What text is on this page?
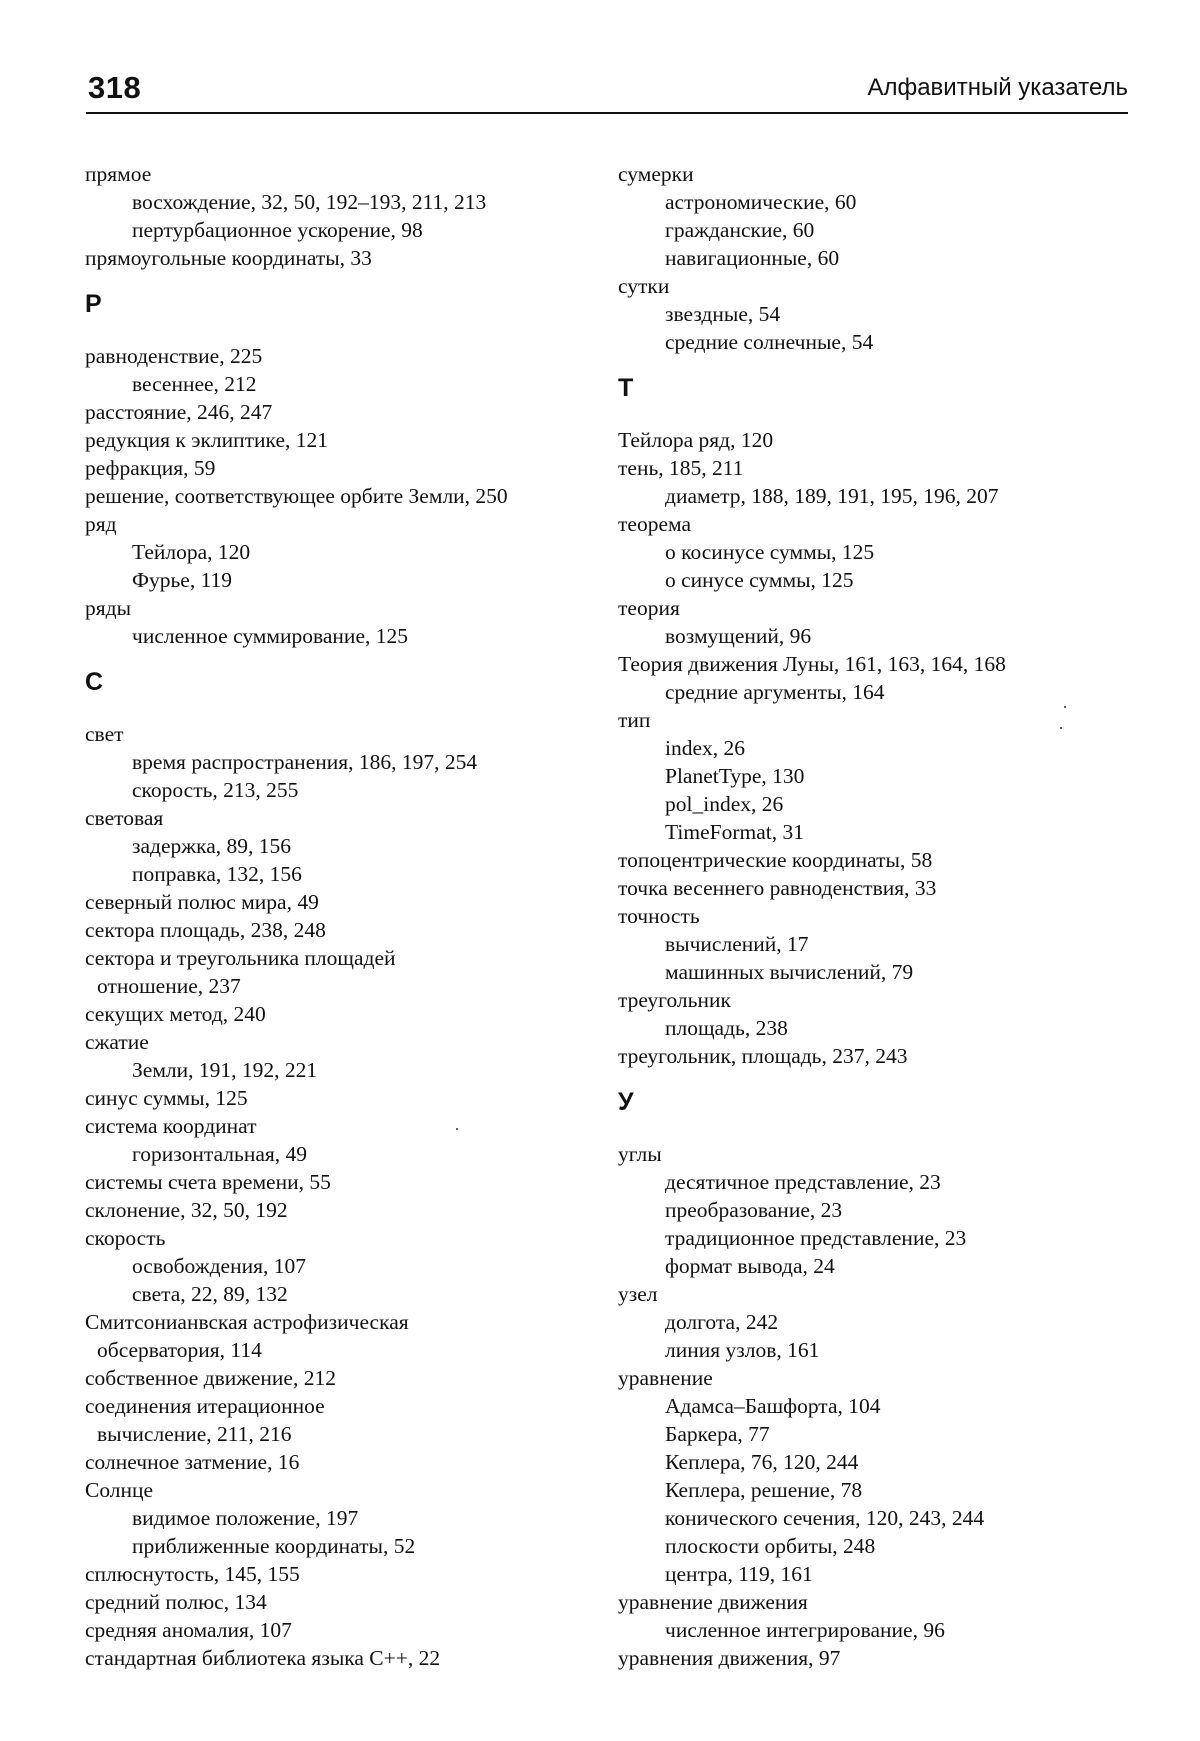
318	Алфавитный указатель
прямое
восхождение, 32, 50, 192–193, 211, 213
пертурбационное ускорение, 98
прямоугольные координаты, 33
Р
равноденствие, 225
весеннее, 212
расстояние, 246, 247
редукция к эклиптике, 121
рефракция, 59
решение, соответствующее орбите Земли, 250
ряд
Тейлора, 120
Фурье, 119
ряды
численное суммирование, 125
С
свет
время распространения, 186, 197, 254
скорость, 213, 255
световая
задержка, 89, 156
поправка, 132, 156
северный полюс мира, 49
сектора площадь, 238, 248
сектора и треугольника площадей
отношение, 237
секущих метод, 240
сжатие
Земли, 191, 192, 221
синус суммы, 125
система координат
горизонтальная, 49
системы счета времени, 55
склонение, 32, 50, 192
скорость
освобождения, 107
света, 22, 89, 132
Смитсонианвская астрофизическая
обсерватория, 114
собственное движение, 212
соединения итерационное
вычисление, 211, 216
солнечное затмение, 16
Солнце
видимое положение, 197
приближенные координаты, 52
сплюснутость, 145, 155
средний полюс, 134
средняя аномалия, 107
стандартная библиотека языка C++, 22
сумерки
астрономические, 60
гражданские, 60
навигационные, 60
сутки
звездные, 54
средние солнечные, 54
Т
Тейлора ряд, 120
тень, 185, 211
диаметр, 188, 189, 191, 195, 196, 207
теорема
о косинусе суммы, 125
о синусе суммы, 125
теория
возмущений, 96
Теория движения Луны, 161, 163, 164, 168
средние аргументы, 164
тип
index, 26
PlanetType, 130
pol_index, 26
TimeFormat, 31
топоцентрические координаты, 58
точка весеннего равноденствия, 33
точность
вычислений, 17
машинных вычислений, 79
треугольник
площадь, 238
треугольник, площадь, 237, 243
У
углы
десятичное представление, 23
преобразование, 23
традиционное представление, 23
формат вывода, 24
узел
долгота, 242
линия узлов, 161
уравнение
Адамса–Башфорта, 104
Баркера, 77
Кеплера, 76, 120, 244
Кеплера, решение, 78
конического сечения, 120, 243, 244
плоскости орбиты, 248
центра, 119, 161
уравнение движения
численное интегрирование, 96
уравнения движения, 97
